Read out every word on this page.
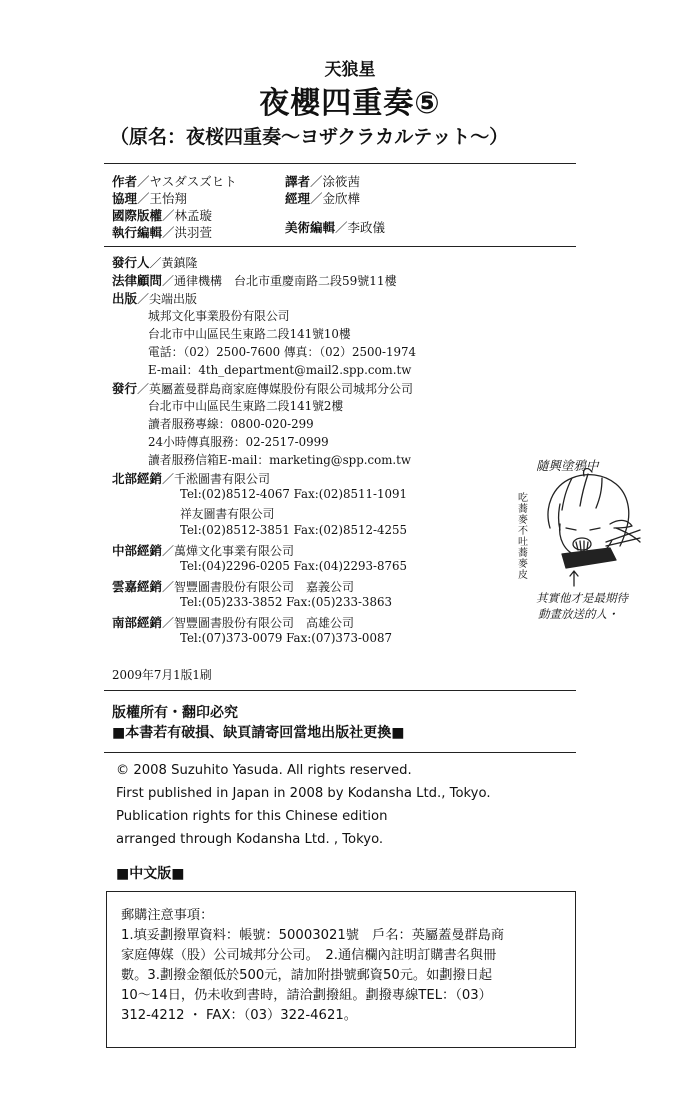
天狼星
夜櫻四重奏⑤
（原名：夜桜四重奏～ヨザクラカルテット～）
作者／ヤスダスズヒト	譯者／涂筱茜
協理／王怡翔	經理／金欣樺
國際版權／林孟璇
執行編輯／洪羽萱	美術編輯／李政儀
發行人／黃鎮隆
法律顧問／通律機構　台北市重慶南路二段59號11樓
出版／尖端出版
城邦文化事業股份有限公司
台北市中山區民生東路二段141號10樓
電話：（02）2500-7600 傳真：（02）2500-1974
E-mail：4th_department@mail2.spp.com.tw
發行／英屬蓋曼群島商家庭傳媒股份有限公司城邦分公司
台北市中山區民生東路二段141號2樓
讀者服務專線：0800-020-299
24小時傳真服務：02-2517-0999
讀者服務信箱E-mail：marketing@spp.com.tw
北部經銷／千淞圖書有限公司
Tel:(02)8512-4067 Fax:(02)8511-1091
祥友圖書有限公司
Tel:(02)8512-3851 Fax:(02)8512-4255
中部經銷／萬燁文化事業有限公司
Tel:(04)2296-0205 Fax:(04)2293-8765
雲嘉經銷／智豐圖書股份有限公司　嘉義公司
Tel:(05)233-3852 Fax:(05)233-3863
南部經銷／智豐圖書股份有限公司　高雄公司
Tel:(07)373-0079 Fax:(07)373-0087
2009年7月1版1刷
版權所有・翻印必究
■本書若有破損、缺頁請寄回當地出版社更換■
© 2008 Suzuhito Yasuda. All rights reserved.
First published in Japan in 2008 by Kodansha Ltd., Tokyo.
Publication rights for this Chinese edition
arranged through Kodansha Ltd. , Tokyo.
■中文版■
郵購注意事項：
1.填妥劃撥單資料：帳號：50003021號　戶名：英屬蓋曼群島商
家庭傳媒（股）公司城邦分公司。　2.通信欄內註明訂購書名與冊
數。3.劃撥金額低於500元，請加附掛號郵資50元。如劃撥日起
10～14日，仍未收到書時，請洽劃撥組。劃撥專線TEL：（03）
312-4212 ・ FAX：（03）322-4621。
隨興塗鴉中
吃蕎麥不吐蕎麥皮
其實他才是最期待
動畫放送的人・
